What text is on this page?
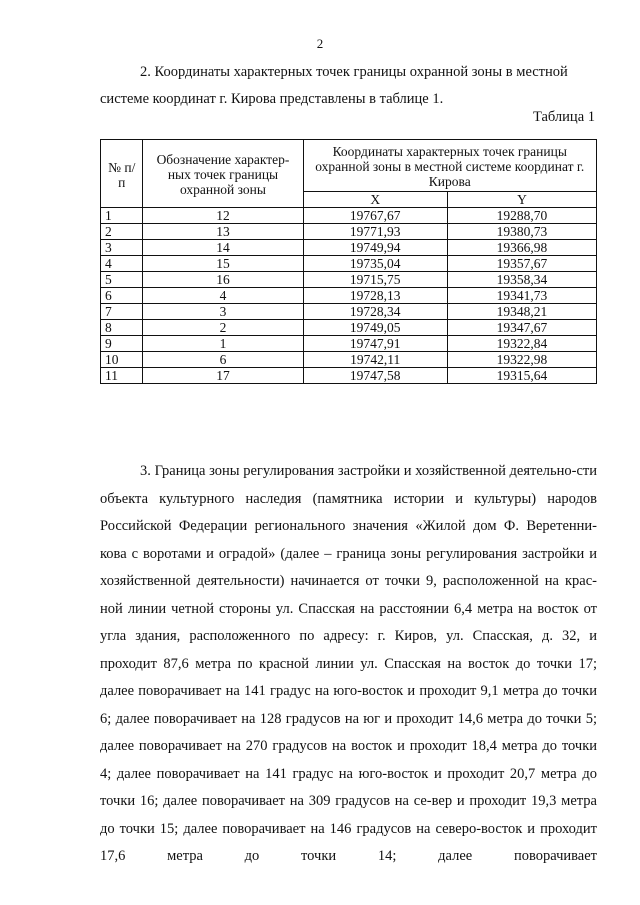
2
2. Координаты характерных точек границы охранной зоны в местной
системе координат г. Кирова представлены в таблице 1.
Таблица 1
№ п/п	Обозначение характер-ных точек границы охранной зоны	Координаты характерных точек границы охранной зоны в местной системе координат г. Кирова	
		X	Y
1	12	19767,67	19288,70
2	13	19771,93	19380,73
3	14	19749,94	19366,98
4	15	19735,04	19357,67
5	16	19715,75	19358,34
6	4	19728,13	19341,73
7	3	19728,34	19348,21
8	2	19749,05	19347,67
9	1	19747,91	19322,84
10	6	19742,11	19322,98
11	17	19747,58	19315,64
3. Граница зоны регулирования застройки и хозяйственной деятельно-сти объекта культурного наследия (памятника истории и культуры) народов Российской Федерации регионального значения «Жилой дом Ф. Веретенни-кова с воротами и оградой» (далее – граница зоны регулирования застройки и хозяйственной деятельности) начинается от точки 9, расположенной на крас-ной линии четной стороны ул. Спасская на расстоянии 6,4 метра на восток от угла здания, расположенного по адресу: г. Киров, ул. Спасская, д. 32, и проходит 87,6 метра по красной линии ул. Спасская на восток до точки 17; далее поворачивает на 141 градус на юго-восток и проходит 9,1 метра до точки 6; далее поворачивает на 128 градусов на юг и проходит 14,6 метра до точки 5; далее поворачивает на 270 градусов на восток и проходит 18,4 метра до точки 4; далее поворачивает на 141 градус на юго-восток и проходит 20,7 метра до точки 16; далее поворачивает на 309 градусов на се-вер и проходит 19,3 метра до точки 15; далее поворачивает на 146 градусов на северо-восток и проходит 17,6 метра до точки 14; далее поворачивает
